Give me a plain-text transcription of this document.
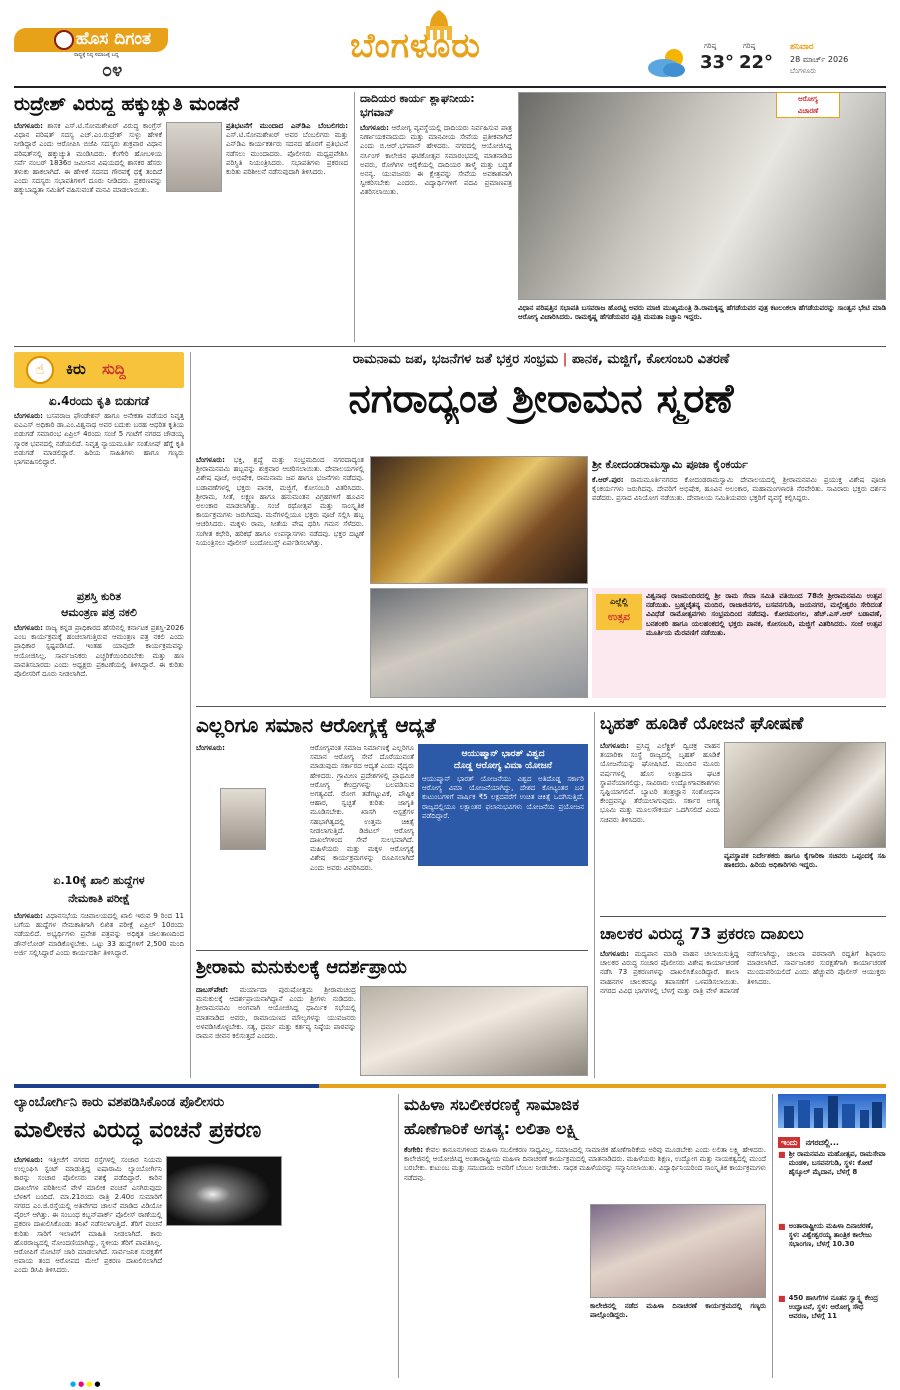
ಹೊಸ ದಿಗಂತ
ರಾಷ್ಟ್ರಕ್ಕೆ ನಿಷ್ಠ ಸಮಾಜಕ್ಕೆ ಬದ್ಧ
೦೪
ಬೆಂಗಳೂರು	ಗರಿಷ್ಠ
33°
ಗರಿಷ್ಠ
22°
ಶನಿವಾರ
28 ಮಾರ್ಚ್ 2026
ಬೆಂಗಳೂರು
ರುದ್ರೇಶ್ ವಿರುದ್ಧ ಹಕ್ಕುಚ್ಯುತಿ ಮಂಡನೆ
ಬೆಂಗಳೂರು: ಶಾಸಕ ಎಸ್.ಟಿ.ಸೋಮಶೇಖರ್ ವಿರುದ್ಧ ಕಾಂಗ್ರೆಸ್ ವಿಧಾನ ಪರಿಷತ್ ಸದಸ್ಯ ಎಚ್.ಎಂ.ರುದ್ರೇಶ್ ಸುಳ್ಳು ಹೇಳಿಕೆ ನೀಡಿದ್ದಾರೆ ಎಂದು ಆರೋಪಿಸಿ ಬಿಜೆಪಿ ಸದಸ್ಯರು ಶುಕ್ರವಾರ ವಿಧಾನ ಪರಿಷತ್‌ನಲ್ಲಿ ಹಕ್ಕುಚ್ಯುತಿ ಮಂಡಿಸಿದರು. ಕೆಂಗೇರಿ ಹೋಬಳಿಯ ಸರ್ವೆ ನಂಬರ್ 1836ರ ಜಮೀನಿನ ವಿಷಯದಲ್ಲಿ ಶಾಸಕರ ಹೆಸರು ತಳುಕು ಹಾಕಲಾಗಿದೆ. ಈ ಹೇಳಿಕೆ ಸದನದ ಗೌರವಕ್ಕೆ ಧಕ್ಕೆ ತಂದಿದೆ ಎಂದು ಸದಸ್ಯರು ಸಭಾಪತಿಗಳಿಗೆ ದೂರು ನೀಡಿದರು. ಪ್ರಕರಣವನ್ನು ಹಕ್ಕುಬಾಧ್ಯತಾ ಸಮಿತಿಗೆ ವಹಿಸುವಂತೆ ಮನವಿ ಮಾಡಲಾಯಿತು.
ಪ್ರತಿಭಟನೆಗೆ ಮುಂದಾದ ಎನ್‌ಡಿಎ ಬೆಂಬಲಿಗರು: ಎಸ್.ಟಿ.ಸೋಮಶೇಖರ್ ಅವರ ಬೆಂಬಲಿಗರು ಮತ್ತು ಎನ್‌ಡಿಎ ಕಾರ್ಯಕರ್ತರು ಸದನದ ಹೊರಗೆ ಪ್ರತಿಭಟನೆ ನಡೆಸಲು ಮುಂದಾದರು. ಪೊಲೀಸರು ಮಧ್ಯಪ್ರವೇಶಿಸಿ ಪರಿಸ್ಥಿತಿ ನಿಯಂತ್ರಿಸಿದರು. ಸಭಾಪತಿಗಳು ಪ್ರಕರಣದ ಕುರಿತು ಪರಿಶೀಲನೆ ನಡೆಸುವುದಾಗಿ ತಿಳಿಸಿದರು.
ದಾದಿಯರ ಕಾರ್ಯ ಶ್ಲಾಘನೀಯ: ಭಗವಾನ್
ಬೆಂಗಳೂರು: ಆರೋಗ್ಯ ವ್ಯವಸ್ಥೆಯಲ್ಲಿ ದಾದಿಯರು ನಿರ್ವಹಿಸುವ ಪಾತ್ರ ನಿರ್ಣಾಯಕವಾದುದು ಮತ್ತು ಮಾನವೀಯ ಸೇವೆಯ ಪ್ರತೀಕವಾಗಿದೆ ಎಂದು ಬಿ.ಆರ್.ಭಗವಾನ್ ಹೇಳಿದರು. ನಗರದಲ್ಲಿ ಆಯೋಜಿಸಿದ್ದ ನರ್ಸಿಂಗ್ ಕಾಲೇಜಿನ ಘಟಿಕೋತ್ಸವ ಸಮಾರಂಭದಲ್ಲಿ ಮಾತನಾಡಿದ ಅವರು, ರೋಗಿಗಳ ಆರೈಕೆಯಲ್ಲಿ ದಾದಿಯರ ತಾಳ್ಮೆ ಮತ್ತು ಬದ್ಧತೆ ಅನನ್ಯ. ಯುವಜನರು ಈ ಕ್ಷೇತ್ರವನ್ನು ಸೇವೆಯ ಅವಕಾಶವಾಗಿ ಸ್ವೀಕರಿಸಬೇಕು ಎಂದರು. ವಿದ್ಯಾರ್ಥಿಗಳಿಗೆ ಪದವಿ ಪ್ರಮಾಣಪತ್ರ ವಿತರಿಸಲಾಯಿತು.
ಆರೋಗ್ಯ
ವಿಚಾರಣೆ
ವಿಧಾನ ಪರಿಷತ್ತಿನ ಸಭಾಪತಿ ಬಸವರಾಜ ಹೊರಟ್ಟಿ ಅವರು ಮಾಜಿ ಮುಖ್ಯಮಂತ್ರಿ ಡಿ.ರಾಮಕೃಷ್ಣ ಹೆಗಡೆಯವರ ಪುತ್ರ ಕಟಲಂಕಲಾ ಹೆಗಡೆಯವರನ್ನು ಸಾಂತ್ವನ ಭೇಟಿ ಮಾಡಿ ಆರೋಗ್ಯ ವಿಚಾರಿಸಿದರು. ರಾಮಕೃಷ್ಣ ಹೆಗಡೆಯವರ ಪುತ್ರಿ ಮಮತಾ ನಿಚ್ಚಾನಿ ಇದ್ದರು.
☝	ಕಿರು ಸುದ್ದಿ
ಏ.4ರಂದು ಕೃತಿ ಬಿಡುಗಡೆ
ಬೆಂಗಳೂರು: ಬಸವರಾಜ ಫೌಂಡೇಶನ್ ಹಾಗೂ ಅನೇಕತಾ ವಡೆಯರ ನಿವೃತ್ತ ಐಎಎಸ್ ಅಧಿಕಾರಿ ಡಾ.ಎಂ.ವಿಶ್ವನಾಥ ಅವರ ಬದುಕು ಬರಹ ಆಧರಿತ ಕೃತಿಯ ಬಿಡುಗಡೆ ಸಮಾರಂಭ ಏಪ್ರಿಲ್ 4ರಂದು ಸಂಜೆ 5 ಗಂಟೆಗೆ ನಗರದ ಚೌಡಯ್ಯ ಸ್ಮಾರಕ ಭವನದಲ್ಲಿ ನಡೆಯಲಿದೆ. ನಿವೃತ್ತ ನ್ಯಾಯಮೂರ್ತಿ ಸಂತೋಷ್ ಹೆಗ್ಡೆ ಕೃತಿ ಬಿಡುಗಡೆ ಮಾಡಲಿದ್ದಾರೆ. ಹಿರಿಯ ಸಾಹಿತಿಗಳು ಹಾಗೂ ಗಣ್ಯರು ಭಾಗವಹಿಸಲಿದ್ದಾರೆ.
ಪ್ರಶಸ್ತಿ ಕುರಿತ
ಆಮಂತ್ರಣ ಪತ್ರ ನಕಲಿ
ಬೆಂಗಳೂರು: ರಾಜ್ಯ ಕನ್ನಡ ಪ್ರಾಧಿಕಾರದ ಹೆಸರಿನಲ್ಲಿ ಕರ್ನಾಟಕ ಪ್ರಶಸ್ತಿ-2026 ಎಂಬ ಕಾರ್ಯಕ್ರಮಕ್ಕೆ ಹಂಚಲಾಗುತ್ತಿರುವ ಆಮಂತ್ರಣ ಪತ್ರ ನಕಲಿ ಎಂದು ಪ್ರಾಧಿಕಾರ ಸ್ಪಷ್ಟಪಡಿಸಿದೆ. ಇಂತಹ ಯಾವುದೇ ಕಾರ್ಯಕ್ರಮವನ್ನು ಆಯೋಜಿಸಿಲ್ಲ. ಸಾರ್ವಜನಿಕರು ಎಚ್ಚರಿಕೆಯಿಂದಿರಬೇಕು ಮತ್ತು ಹಣ ಪಾವತಿಸಬಾರದು ಎಂದು ಅಧ್ಯಕ್ಷರು ಪ್ರಕಟಣೆಯಲ್ಲಿ ತಿಳಿಸಿದ್ದಾರೆ. ಈ ಕುರಿತು ಪೊಲೀಸರಿಗೆ ದೂರು ನೀಡಲಾಗಿದೆ.
ಏ.10ಕ್ಕೆ ಖಾಲಿ ಹುದ್ದೆಗಳ
ನೇಮಕಾತಿ ಪರೀಕ್ಷೆ
ಬೆಂಗಳೂರು: ವಿಧಾನಸಭೆಯ ಸಚಿವಾಲಯದಲ್ಲಿ ಖಾಲಿ ಇರುವ 9 ರಿಂದ 11 ಬಗೆಯ ಹುದ್ದೆಗಳ ನೇಮಕಾತಿಗಾಗಿ ಲಿಖಿತ ಪರೀಕ್ಷೆ ಏಪ್ರಿಲ್ 10ರಂದು ನಡೆಯಲಿದೆ. ಅಭ್ಯರ್ಥಿಗಳು ಪ್ರವೇಶ ಪತ್ರವನ್ನು ಅಧಿಕೃತ ಜಾಲತಾಣದಿಂದ ಡೌನ್‌ಲೋಡ್ ಮಾಡಿಕೊಳ್ಳಬೇಕು. ಒಟ್ಟು 33 ಹುದ್ದೆಗಳಿಗೆ 2,500 ಮಂದಿ ಅರ್ಜಿ ಸಲ್ಲಿಸಿದ್ದಾರೆ ಎಂದು ಕಾರ್ಯದರ್ಶಿ ತಿಳಿಸಿದ್ದಾರೆ.
ರಾಮನಾಮ ಜಪ, ಭಜನೆಗಳ ಜತೆ ಭಕ್ತರ ಸಂಭ್ರಮ | ಪಾನಕ, ಮಜ್ಜಿಗೆ, ಕೋಸಂಬರಿ ವಿತರಣೆ
ನಗರಾದ್ಯಂತ ಶ್ರೀರಾಮನ ಸ್ಮರಣೆ
ಬೆಂಗಳೂರು: ಭಕ್ತಿ, ಶ್ರದ್ಧೆ ಮತ್ತು ಸಂಭ್ರಮದಿಂದ ನಗರದಾದ್ಯಂತ ಶ್ರೀರಾಮನವಮಿ ಹಬ್ಬವನ್ನು ಶುಕ್ರವಾರ ಆಚರಿಸಲಾಯಿತು. ದೇವಾಲಯಗಳಲ್ಲಿ ವಿಶೇಷ ಪೂಜೆ, ಅಭಿಷೇಕ, ರಾಮನಾಮ ಜಪ ಹಾಗೂ ಭಜನೆಗಳು ನಡೆದವು. ಬಡಾವಣೆಗಳಲ್ಲಿ ಭಕ್ತರು ಪಾನಕ, ಮಜ್ಜಿಗೆ, ಕೋಸಂಬರಿ ವಿತರಿಸಿದರು. ಶ್ರೀರಾಮ, ಸೀತೆ, ಲಕ್ಷ್ಮಣ ಹಾಗೂ ಹನುಮಂತನ ವಿಗ್ರಹಗಳಿಗೆ ಹೂವಿನ ಅಲಂಕಾರ ಮಾಡಲಾಗಿತ್ತು. ಸಂಜೆ ರಥೋತ್ಸವ ಮತ್ತು ಸಾಂಸ್ಕೃತಿಕ ಕಾರ್ಯಕ್ರಮಗಳು ಜರುಗಿದವು. ಮನೆಗಳಲ್ಲಿಯೂ ಭಕ್ತರು ಪೂಜೆ ಸಲ್ಲಿಸಿ ಹಬ್ಬ ಆಚರಿಸಿದರು. ಮಕ್ಕಳು ರಾಮ, ಸೀತೆಯ ವೇಷ ಧರಿಸಿ ಗಮನ ಸೆಳೆದರು. ಸಂಗೀತ ಕಛೇರಿ, ಹರಿಕಥೆ ಹಾಗೂ ಉಪನ್ಯಾಸಗಳು ನಡೆದವು. ಭಕ್ತರ ದಟ್ಟಣೆ ನಿಯಂತ್ರಿಸಲು ಪೊಲೀಸ್ ಬಂದೋಬಸ್ತ್ ಏರ್ಪಡಿಸಲಾಗಿತ್ತು.
ಶ್ರೀ ಕೋದಂಡರಾಮಸ್ವಾಮಿ ಪೂಜಾ ಕೈಂಕರ್ಯ
ಕೆ.ಆರ್.ಪುರ: ರಾಮಮೂರ್ತಿನಗರದ ಕೋದಂಡರಾಮಸ್ವಾಮಿ ದೇವಾಲಯದಲ್ಲಿ ಶ್ರೀರಾಮನವಮಿ ಪ್ರಯುಕ್ತ ವಿಶೇಷ ಪೂಜಾ ಕೈಂಕರ್ಯಗಳು ಜರುಗಿದವು. ದೇವರಿಗೆ ಅಭಿಷೇಕ, ಹೂವಿನ ಅಲಂಕಾರ, ಮಹಾಮಂಗಳಾರತಿ ನೆರವೇರಿತು. ಸಾವಿರಾರು ಭಕ್ತರು ದರ್ಶನ ಪಡೆದರು. ಪ್ರಸಾದ ವಿನಿಯೋಗ ನಡೆಯಿತು. ದೇವಾಲಯ ಸಮಿತಿಯವರು ಭಕ್ತರಿಗೆ ವ್ಯವಸ್ಥೆ ಕಲ್ಪಿಸಿದ್ದರು.
ಎಲ್ಲೆಲ್ಲಿ
ಉತ್ಸವ
ವಿಶ್ವನಾಥ ರಾಜಮಂದಿರದಲ್ಲಿ ಶ್ರೀ ರಾಮ ಸೇವಾ ಸಮಿತಿ ವತಿಯಿಂದ 78ನೇ ಶ್ರೀರಾಮನವಮಿ ಉತ್ಸವ ನಡೆಯಿತು. ಬ್ರಹ್ಮಚೈತನ್ಯ ಮಂದಿರ, ರಾಜಾಜಿನಗರ, ಬಸವನಗುಡಿ, ಜಯನಗರ, ಮಲ್ಲೇಶ್ವರಂ ಸೇರಿದಂತೆ ವಿವಿಧೆಡೆ ರಾಮೋತ್ಸವಗಳು ಸಂಭ್ರಮದಿಂದ ನಡೆದವು. ಕೋರಮಂಗಲ, ಹೆಚ್.ಎಸ್.ಆರ್ ಬಡಾವಣೆ, ಬನಶಂಕರಿ ಹಾಗೂ ಯಲಹಂಕದಲ್ಲಿ ಭಕ್ತರು ಪಾನಕ, ಕೋಸಂಬರಿ, ಮಜ್ಜಿಗೆ ವಿತರಿಸಿದರು. ಸಂಜೆ ಉತ್ಸವ ಮೂರ್ತಿಯ ಮೆರವಣಿಗೆ ನಡೆಯಿತು.
ಎಲ್ಲರಿಗೂ ಸಮಾನ ಆರೋಗ್ಯಕ್ಕೆ ಆದ್ಯತೆ
ಬೆಂಗಳೂರು:
ಆಯುಷ್ಮಾನ್ ಭಾರತ್ ವಿಶ್ವದ
ದೊಡ್ಡ ಆರೋಗ್ಯ ವಿಮಾ ಯೋಜನೆ
ಆಯುಷ್ಮಾನ್ ಭಾರತ್ ಯೋಜನೆಯು ವಿಶ್ವದ ಅತಿದೊಡ್ಡ ಸರ್ಕಾರಿ ಆರೋಗ್ಯ ವಿಮಾ ಯೋಜನೆಯಾಗಿದ್ದು, ದೇಶದ ಕೋಟ್ಯಂತರ ಬಡ ಕುಟುಂಬಗಳಿಗೆ ವಾರ್ಷಿಕ ₹5 ಲಕ್ಷದವರೆಗೆ ಉಚಿತ ಚಿಕಿತ್ಸೆ ಒದಗಿಸುತ್ತಿದೆ. ರಾಜ್ಯದಲ್ಲಿಯೂ ಲಕ್ಷಾಂತರ ಫಲಾನುಭವಿಗಳು ಯೋಜನೆಯ ಪ್ರಯೋಜನ ಪಡೆದಿದ್ದಾರೆ.
ಆರೋಗ್ಯವಂತ ಸಮಾಜ ನಿರ್ಮಾಣಕ್ಕೆ ಎಲ್ಲರಿಗೂ ಸಮಾನ ಆರೋಗ್ಯ ಸೇವೆ ದೊರೆಯುವಂತೆ ಮಾಡುವುದು ಸರ್ಕಾರದ ಆದ್ಯತೆ ಎಂದು ವೈದ್ಯರು ಹೇಳಿದರು. ಗ್ರಾಮೀಣ ಪ್ರದೇಶಗಳಲ್ಲಿ ಪ್ರಾಥಮಿಕ ಆರೋಗ್ಯ ಕೇಂದ್ರಗಳನ್ನು ಬಲಪಡಿಸುವ ಅಗತ್ಯವಿದೆ. ರೋಗ ತಡೆಗಟ್ಟುವಿಕೆ, ಪೌಷ್ಟಿಕ ಆಹಾರ, ಸ್ವಚ್ಛತೆ ಕುರಿತು ಜಾಗೃತಿ ಮೂಡಿಸಬೇಕು. ಖಾಸಗಿ ಆಸ್ಪತ್ರೆಗಳ ಸಹಭಾಗಿತ್ವದಲ್ಲಿ ಉತ್ತಮ ಚಿಕಿತ್ಸೆ ನೀಡಲಾಗುತ್ತಿದೆ. ಡಿಜಿಟಲ್ ಆರೋಗ್ಯ ದಾಖಲೆಗಳಿಂದ ಸೇವೆ ಸುಲಭವಾಗಿದೆ. ಮಹಿಳೆಯರು ಮತ್ತು ಮಕ್ಕಳ ಆರೋಗ್ಯಕ್ಕೆ ವಿಶೇಷ ಕಾರ್ಯಕ್ರಮಗಳನ್ನು ರೂಪಿಸಲಾಗಿದೆ ಎಂದು ಅವರು ವಿವರಿಸಿದರು.
ಬೃಹತ್ ಹೂಡಿಕೆ ಯೋಜನೆ ಘೋಷಣೆ
ಬೆಂಗಳೂರು: ಪ್ರಸಿದ್ಧ ಎಲೆಕ್ಟ್ರಿಕ್ ದ್ವಿಚಕ್ರ ವಾಹನ ತಯಾರಿಕಾ ಸಂಸ್ಥೆ ರಾಜ್ಯದಲ್ಲಿ ಬೃಹತ್ ಹೂಡಿಕೆ ಯೋಜನೆಯನ್ನು ಘೋಷಿಸಿದೆ. ಮುಂದಿನ ಮೂರು ವರ್ಷಗಳಲ್ಲಿ ಹೊಸ ಉತ್ಪಾದನಾ ಘಟಕ ಸ್ಥಾಪನೆಯಾಗಲಿದ್ದು, ಸಾವಿರಾರು ಉದ್ಯೋಗಾವಕಾಶಗಳು ಸೃಷ್ಟಿಯಾಗಲಿವೆ. ಬ್ಯಾಟರಿ ತಂತ್ರಜ್ಞಾನ ಸಂಶೋಧನಾ ಕೇಂದ್ರವನ್ನೂ ತೆರೆಯಲಾಗುವುದು. ಸರ್ಕಾರ ಅಗತ್ಯ ಭೂಮಿ ಮತ್ತು ಮೂಲಸೌಕರ್ಯ ಒದಗಿಸಲಿದೆ ಎಂದು ಸಚಿವರು ತಿಳಿಸಿದರು.
ವ್ಯವಸ್ಥಾಪಕ ನಿರ್ದೇಶಕರು ಹಾಗೂ ಕೈಗಾರಿಕಾ ಸಚಿವರು ಒಪ್ಪಂದಕ್ಕೆ ಸಹಿ ಹಾಕಿದರು. ಹಿರಿಯ ಅಧಿಕಾರಿಗಳು ಇದ್ದರು.
ಚಾಲಕರ ವಿರುದ್ಧ 73 ಪ್ರಕರಣ ದಾಖಲು
ಬೆಂಗಳೂರು: ಮದ್ಯಪಾನ ಮಾಡಿ ವಾಹನ ಚಲಾಯಿಸುತ್ತಿದ್ದ ಚಾಲಕರ ವಿರುದ್ಧ ಸಂಚಾರ ಪೊಲೀಸರು ವಿಶೇಷ ಕಾರ್ಯಾಚರಣೆ ನಡೆಸಿ 73 ಪ್ರಕರಣಗಳನ್ನು ದಾಖಲಿಸಿಕೊಂಡಿದ್ದಾರೆ. ಶಾಲಾ ವಾಹನಗಳ ಚಾಲಕರನ್ನೂ ತಪಾಸಣೆಗೆ ಒಳಪಡಿಸಲಾಯಿತು. ನಗರದ ವಿವಿಧ ಭಾಗಗಳಲ್ಲಿ ಬೆಳಗ್ಗೆ ಮತ್ತು ರಾತ್ರಿ ವೇಳೆ ತಪಾಸಣೆ ನಡೆಸಲಾಗಿದ್ದು, ಚಾಲನಾ ಪರವಾನಗಿ ರದ್ದತಿಗೆ ಶಿಫಾರಸು ಮಾಡಲಾಗಿದೆ. ಸಾರ್ವಜನಿಕರ ಸುರಕ್ಷತೆಗಾಗಿ ಕಾರ್ಯಾಚರಣೆ ಮುಂದುವರಿಯಲಿದೆ ಎಂದು ಹೆಚ್ಚುವರಿ ಪೊಲೀಸ್ ಆಯುಕ್ತರು ತಿಳಿಸಿದರು.
ಶ್ರೀರಾಮ ಮನುಕುಲಕ್ಕೆ ಆದರ್ಶಪ್ರಾಯ
ದಾಬಸ್‌ಪೇಟೆ: ಮರ್ಯಾದಾ ಪುರುಷೋತ್ತಮ ಶ್ರೀರಾಮಚಂದ್ರ ಮನುಕುಲಕ್ಕೆ ಆದರ್ಶಪ್ರಾಯನಾಗಿದ್ದಾನೆ ಎಂದು ಶ್ರೀಗಳು ನುಡಿದರು. ಶ್ರೀರಾಮನವಮಿ ಅಂಗವಾಗಿ ಆಯೋಜಿಸಿದ್ದ ಧಾರ್ಮಿಕ ಸಭೆಯಲ್ಲಿ ಮಾತನಾಡಿದ ಅವರು, ರಾಮಾಯಣದ ಮೌಲ್ಯಗಳನ್ನು ಯುವಜನರು ಅಳವಡಿಸಿಕೊಳ್ಳಬೇಕು. ಸತ್ಯ, ಧರ್ಮ ಮತ್ತು ಕರ್ತವ್ಯ ನಿಷ್ಠೆಯ ಪಾಠವನ್ನು ರಾಮನ ಜೀವನ ಕಲಿಸುತ್ತದೆ ಎಂದರು.
ಲ್ಯಾಂಬೋರ್ಗಿನಿ ಕಾರು ವಶಪಡಿಸಿಕೊಂಡ ಪೊಲೀಸರು
ಮಾಲೀಕನ ವಿರುದ್ಧ ವಂಚನೆ ಪ್ರಕರಣ
ಬೆಂಗಳೂರು: ಇತ್ತೀಚೆಗೆ ನಗರದ ರಸ್ತೆಗಳಲ್ಲಿ ಸಂಚಾರ ನಿಯಮ ಉಲ್ಲಂಘಿಸಿ ಸ್ಟಂಟ್ ಮಾಡುತ್ತಿದ್ದ ಐಷಾರಾಮಿ ಲ್ಯಾಂಬೋರ್ಗಿನಿ ಕಾರನ್ನು ಸಂಚಾರ ಪೊಲೀಸರು ವಶಕ್ಕೆ ಪಡೆದಿದ್ದಾರೆ. ಕಾರಿನ ದಾಖಲೆಗಳ ಪರಿಶೀಲನೆ ವೇಳೆ ಮಾಲೀಕ ವಂಚನೆ ಎಸಗಿರುವುದು ಬೆಳಕಿಗೆ ಬಂದಿದೆ. ಮಾ.21ರಂದು ರಾತ್ರಿ 2.40ರ ಸುಮಾರಿಗೆ ನಗರದ ಎಂ.ಜಿ.ರಸ್ತೆಯಲ್ಲಿ ಅತಿವೇಗದ ಚಾಲನೆ ಮಾಡಿದ ವಿಡಿಯೋ ವೈರಲ್ ಆಗಿತ್ತು. ಈ ಸಂಬಂಧ ಕಬ್ಬನ್‌ಪಾರ್ಕ್ ಪೊಲೀಸ್ ಠಾಣೆಯಲ್ಲಿ ಪ್ರಕರಣ ದಾಖಲಿಸಿಕೊಂಡು ತನಿಖೆ ನಡೆಸಲಾಗುತ್ತಿದೆ. ತೆರಿಗೆ ವಂಚನೆ ಕುರಿತು ಸಾರಿಗೆ ಇಲಾಖೆಗೆ ಮಾಹಿತಿ ನೀಡಲಾಗಿದೆ. ಕಾರು ಹೊರರಾಜ್ಯದಲ್ಲಿ ನೋಂದಣಿಯಾಗಿದ್ದು, ಸ್ಥಳೀಯ ತೆರಿಗೆ ಪಾವತಿಸಿಲ್ಲ. ಆರೋಪಿಗೆ ನೋಟಿಸ್ ಜಾರಿ ಮಾಡಲಾಗಿದೆ. ಸಾರ್ವಜನಿಕ ಸುರಕ್ಷತೆಗೆ ಅಪಾಯ ತಂದ ಆರೋಪದ ಮೇಲೆ ಪ್ರಕರಣ ದಾಖಲಿಸಲಾಗಿದೆ ಎಂದು ಡಿಸಿಪಿ ತಿಳಿಸಿದರು.
ಮಹಿಳಾ ಸಬಲೀಕರಣಕ್ಕೆ ಸಾಮಾಜಿಕ
ಹೊಣೆಗಾರಿಕೆ ಅಗತ್ಯ: ಲಲಿತಾ ಲಕ್ಷ್ಮಿ
ಕೆಂಗೇರಿ: ಕೇವಲ ಕಾನೂನುಗಳಿಂದ ಮಹಿಳಾ ಸಬಲೀಕರಣ ಸಾಧ್ಯವಿಲ್ಲ, ಸಮಾಜದಲ್ಲಿ ಸಾಮಾಜಿಕ ಹೊಣೆಗಾರಿಕೆಯ ಅರಿವು ಮೂಡಬೇಕು ಎಂದು ಲಲಿತಾ ಲಕ್ಷ್ಮಿ ಹೇಳಿದರು. ಕಾಲೇಜಿನಲ್ಲಿ ಆಯೋಜಿಸಿದ್ದ ಅಂತಾರಾಷ್ಟ್ರೀಯ ಮಹಿಳಾ ದಿನಾಚರಣೆ ಕಾರ್ಯಕ್ರಮದಲ್ಲಿ ಮಾತನಾಡಿದರು. ಮಹಿಳೆಯರು ಶಿಕ್ಷಣ, ಉದ್ಯೋಗ ಮತ್ತು ನಾಯಕತ್ವದಲ್ಲಿ ಮುಂದೆ ಬರಬೇಕು. ಕುಟುಂಬ ಮತ್ತು ಸಮುದಾಯ ಅವರಿಗೆ ಬೆಂಬಲ ನೀಡಬೇಕು. ಸಾಧಕ ಮಹಿಳೆಯರನ್ನು ಸನ್ಮಾನಿಸಲಾಯಿತು. ವಿದ್ಯಾರ್ಥಿನಿಯರಿಂದ ಸಾಂಸ್ಕೃತಿಕ ಕಾರ್ಯಕ್ರಮಗಳು ನಡೆದವು.
ಕಾಲೇಜಿನಲ್ಲಿ ನಡೆದ ಮಹಿಳಾ ದಿನಾಚರಣೆ ಕಾರ್ಯಕ್ರಮದಲ್ಲಿ ಗಣ್ಯರು ಪಾಲ್ಗೊಂಡಿದ್ದರು.
ಇಂದು ನಗರದಲ್ಲಿ...
■ ಶ್ರೀ ರಾಮನವಮಿ ಮಹೋತ್ಸವ, ರಾಮಸೇವಾ ಮಂಡಳಿ, ಬಸವನಗುಡಿ, ಸ್ಥಳ: ಕೋಟೆ ಹೈಸ್ಕೂಲ್ ಮೈದಾನ, ಬೆಳಗ್ಗೆ 8
■ ಅಂತಾರಾಷ್ಟ್ರೀಯ ಮಹಿಳಾ ದಿನಾಚರಣೆ, ಸ್ಥಳ: ವಿಶ್ವೇಶ್ವರಯ್ಯ ತಾಂತ್ರಿಕ ಕಾಲೇಜು ಸಭಾಂಗಣ, ಬೆಳಗ್ಗೆ 10.30
■ 450 ಹಾಸಿಗೆಗಳ ನೂತನ ಸ್ವಾಸ್ಥ್ಯ ಕೇಂದ್ರ ಉದ್ಘಾಟನೆ, ಸ್ಥಳ: ಆರೋಗ್ಯ ಸೌಧ ಆವರಣ, ಬೆಳಗ್ಗೆ 11
●●●●
